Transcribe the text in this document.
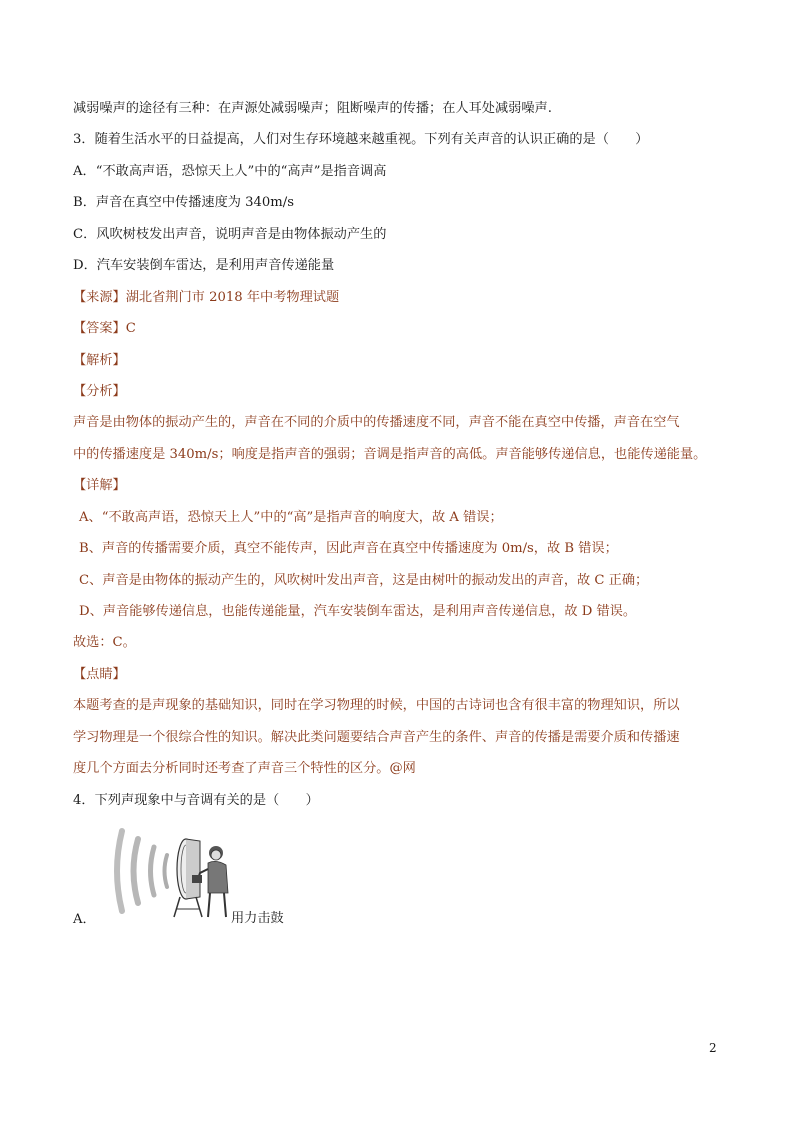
减弱噪声的途径有三种：在声源处减弱噪声；阻断噪声的传播；在人耳处减弱噪声.
3．随着生活水平的日益提高，人们对生存环境越来越重视。下列有关声音的认识正确的是（　　）
A．“不敢高声语，恐惊天上人”中的“高声”是指音调高
B．声音在真空中传播速度为 340m/s
C．风吹树枝发出声音，说明声音是由物体振动产生的
D．汽车安装倒车雷达，是利用声音传递能量
【来源】湖北省荆门市 2018 年中考物理试题
【答案】C
【解析】
【分析】
声音是由物体的振动产生的，声音在不同的介质中的传播速度不同，声音不能在真空中传播，声音在空气
中的传播速度是 340m/s；响度是指声音的强弱；音调是指声音的高低。声音能够传递信息，也能传递能量。
【详解】
A、“不敢高声语，恐惊天上人”中的“高”是指声音的响度大，故 A 错误；
B、声音的传播需要介质，真空不能传声，因此声音在真空中传播速度为 0m/s，故 B 错误；
C、声音是由物体的振动产生的，风吹树叶发出声音，这是由树叶的振动发出的声音，故 C 正确；
D、声音能够传递信息，也能传递能量，汽车安装倒车雷达，是利用声音传递信息，故 D 错误。
故选：C。
【点睛】
本题考查的是声现象的基础知识，同时在学习物理的时候，中国的古诗词也含有很丰富的物理知识，所以
学习物理是一个很综合性的知识。解决此类问题要结合声音产生的条件、声音的传播是需要介质和传播速
度几个方面去分析同时还考查了声音三个特性的区分。@网
4．下列声现象中与音调有关的是（　　）
A．	用力击鼓
2
